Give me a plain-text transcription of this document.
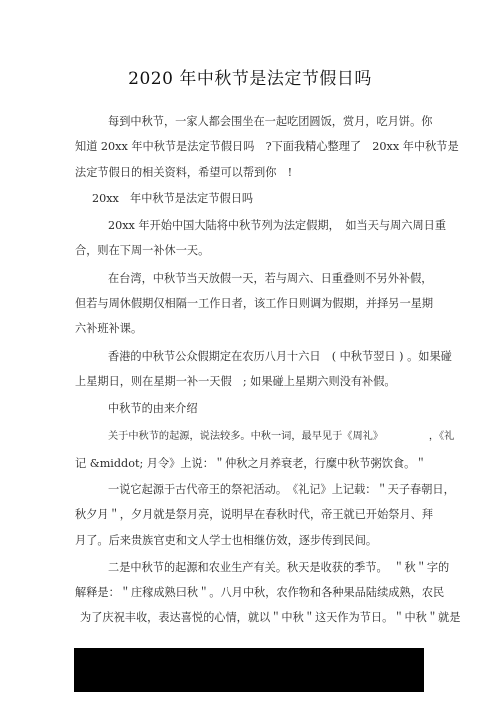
2020 年中秋节是法定节假日吗
每到中秋节，一家人都会围坐在一起吃团圆饭，赏月，吃月饼。你
知道 20xx 年中秋节是法定节假日吗　?下面我精心整理了　20xx 年中秋节是
法定节假日的相关资料，希望可以帮到你　!
20xx　年中秋节是法定节假日吗
20xx 年开始中国大陆将中秋节列为法定假期，　如当天与周六周日重
合，则在下周一补休一天。
在台湾，中秋节当天放假一天，若与周六、日重叠则不另外补假，
但若与周休假期仅相隔一工作日者，该工作日则调为假期，并择另一星期
六补班补课。
香港的中秋节公众假期定在农历八月十六日　( 中秋节翌日 ) 。如果碰
上星期日，则在星期一补一天假　; 如果碰上星期六则没有补假。
中秋节的由来介绍
关于中秋节的起源，说法较多。中秋一词，最早见于《周礼》　　　　　，《礼
记 &middot; 月令》上说：＂仲秋之月养衰老，行糜中秋节粥饮食。＂
一说它起源于古代帝王的祭祀活动。　《礼记》上记载：＂天子春朝日，
秋夕月＂，夕月就是祭月亮，说明早在春秋时代，帝王就已开始祭月、拜
月了。后来贵族官吏和文人学士也相继仿效，逐步传到民间。
二是中秋节的起源和农业生产有关。秋天是收获的季节。　＂秋＂字的
解释是：＂庄稼成熟曰秋＂。八月中秋，农作物和各种果品陆续成熟，农民
为了庆祝丰收，表达喜悦的心情，就以＂中秋＂这天作为节日。＂中秋＂就是
